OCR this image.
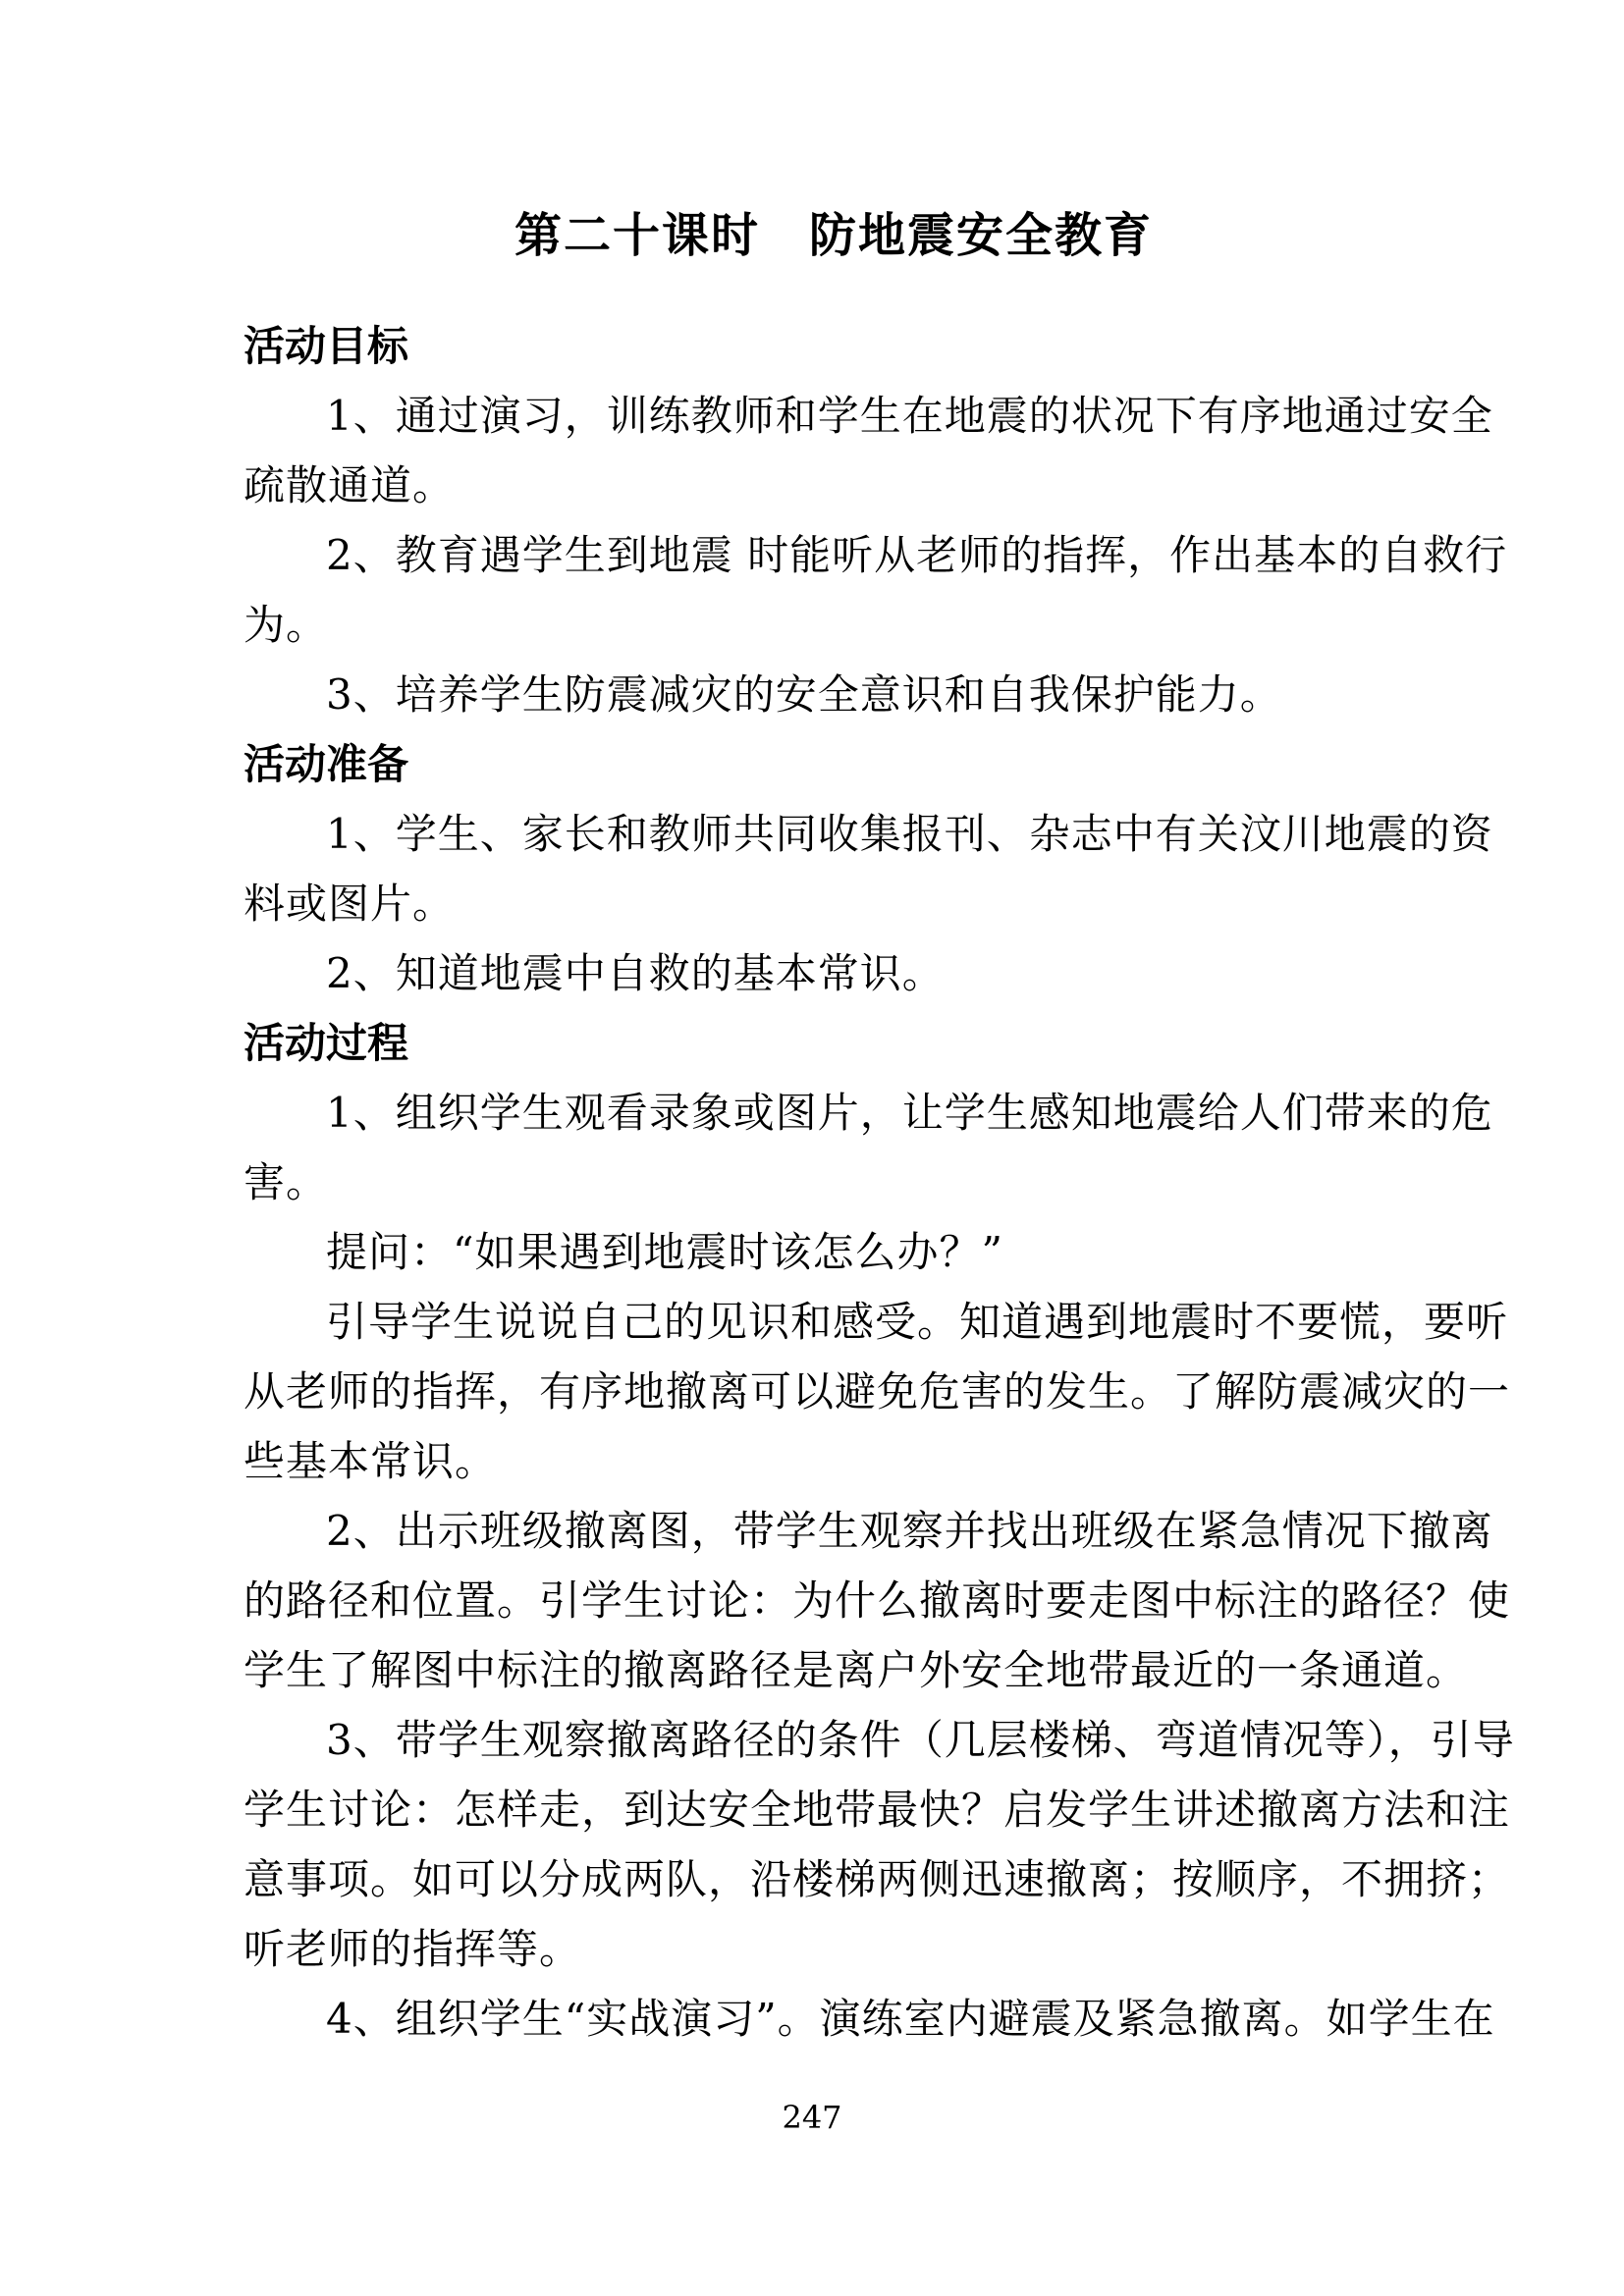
第二十课时　防地震安全教育
活动目标
1、通过演习，训练教师和学生在地震的状况下有序地通过安全
疏散通道。
2、教育遇学生到地震 时能听从老师的指挥，作出基本的自救行
为。
3、培养学生防震减灾的安全意识和自我保护能力。
活动准备
1、学生、家长和教师共同收集报刊、杂志中有关汶川地震的资
料或图片。
2、知道地震中自救的基本常识。
活动过程
1、组织学生观看录象或图片，让学生感知地震给人们带来的危
害。
提问：“如果遇到地震时该怎么办？”
引导学生说说自己的见识和感受。知道遇到地震时不要慌，要听
从老师的指挥，有序地撤离可以避免危害的发生。了解防震减灾的一
些基本常识。
2、出示班级撤离图，带学生观察并找出班级在紧急情况下撤离
的路径和位置。引学生讨论：为什么撤离时要走图中标注的路径？使
学生了解图中标注的撤离路径是离户外安全地带最近的一条通道。
3、带学生观察撤离路径的条件（几层楼梯、弯道情况等），引导
学生讨论：怎样走，到达安全地带最快？启发学生讲述撤离方法和注
意事项。如可以分成两队，沿楼梯两侧迅速撤离；按顺序，不拥挤；
听老师的指挥等。
4、组织学生“实战演习”。演练室内避震及紧急撤离。如学生在
247
